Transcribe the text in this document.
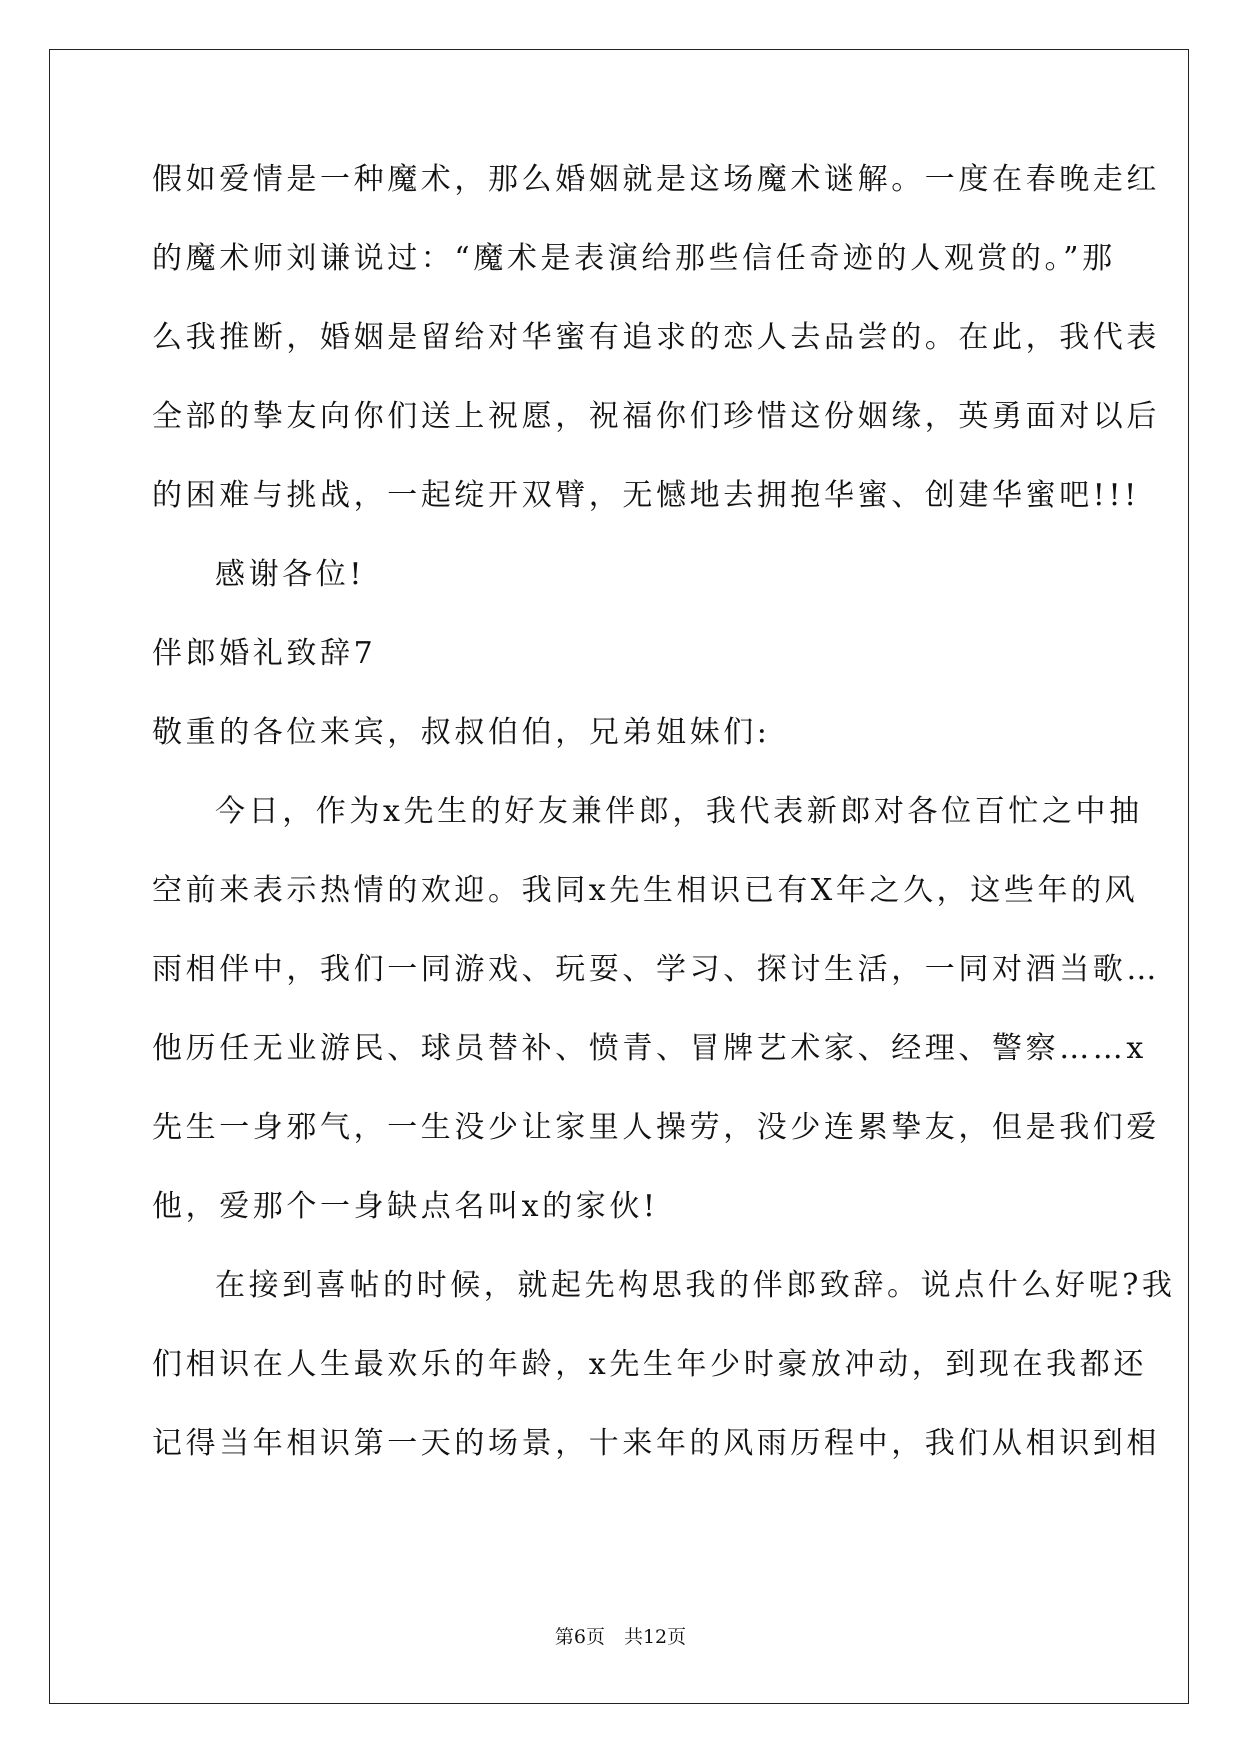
假如爱情是一种魔术，那么婚姻就是这场魔术谜解。一度在春晚走红
的魔术师刘谦说过：“魔术是表演给那些信任奇迹的人观赏的。”那
么我推断，婚姻是留给对华蜜有追求的恋人去品尝的。在此，我代表
全部的挚友向你们送上祝愿，祝福你们珍惜这份姻缘，英勇面对以后
的困难与挑战，一起绽开双臂，无憾地去拥抱华蜜、创建华蜜吧!!!
感谢各位!
伴郎婚礼致辞7
敬重的各位来宾，叔叔伯伯，兄弟姐妹们:
今日，作为x先生的好友兼伴郎，我代表新郎对各位百忙之中抽
空前来表示热情的欢迎。我同x先生相识已有X年之久，这些年的风
雨相伴中，我们一同游戏、玩耍、学习、探讨生活，一同对酒当歌…
他历任无业游民、球员替补、愤青、冒牌艺术家、经理、警察……x
先生一身邪气，一生没少让家里人操劳，没少连累挚友，但是我们爱
他，爱那个一身缺点名叫x的家伙!
在接到喜帖的时候，就起先构思我的伴郎致辞。说点什么好呢?我
们相识在人生最欢乐的年龄，x先生年少时豪放冲动，到现在我都还
记得当年相识第一天的场景，十来年的风雨历程中，我们从相识到相
第6页　共12页
